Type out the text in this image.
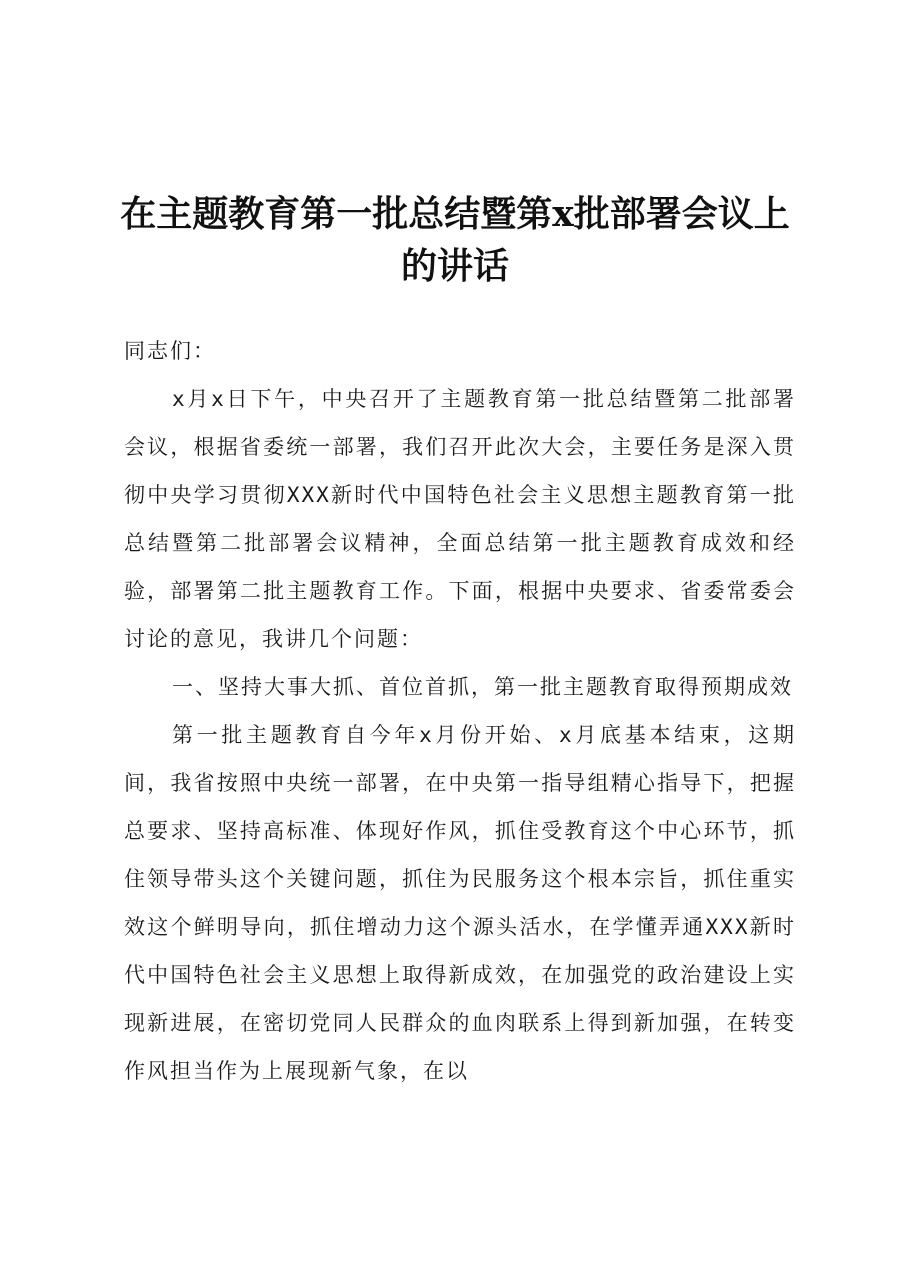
在主题教育第一批总结暨第x批部署会议上的讲话

同志们：

x月x日下午，中央召开了主题教育第一批总结暨第二批部署会议，根据省委统一部署，我们召开此次大会，主要任务是深入贯彻中央学习贯彻XXX新时代中国特色社会主义思想主题教育第一批总结暨第二批部署会议精神，全面总结第一批主题教育成效和经验，部署第二批主题教育工作。下面，根据中央要求、省委常委会讨论的意见，我讲几个问题：

一、坚持大事大抓、首位首抓，第一批主题教育取得预期成效

第一批主题教育自今年x月份开始、x月底基本结束，这期间，我省按照中央统一部署，在中央第一指导组精心指导下，把握总要求、坚持高标准、体现好作风，抓住受教育这个中心环节，抓住领导带头这个关键问题，抓住为民服务这个根本宗旨，抓住重实效这个鲜明导向，抓住增动力这个源头活水，在学懂弄通XXX新时代中国特色社会主义思想上取得新成效，在加强党的政治建设上实现新进展，在密切党同人民群众的血肉联系上得到新加强，在转变作风担当作为上展现新气象，在以
